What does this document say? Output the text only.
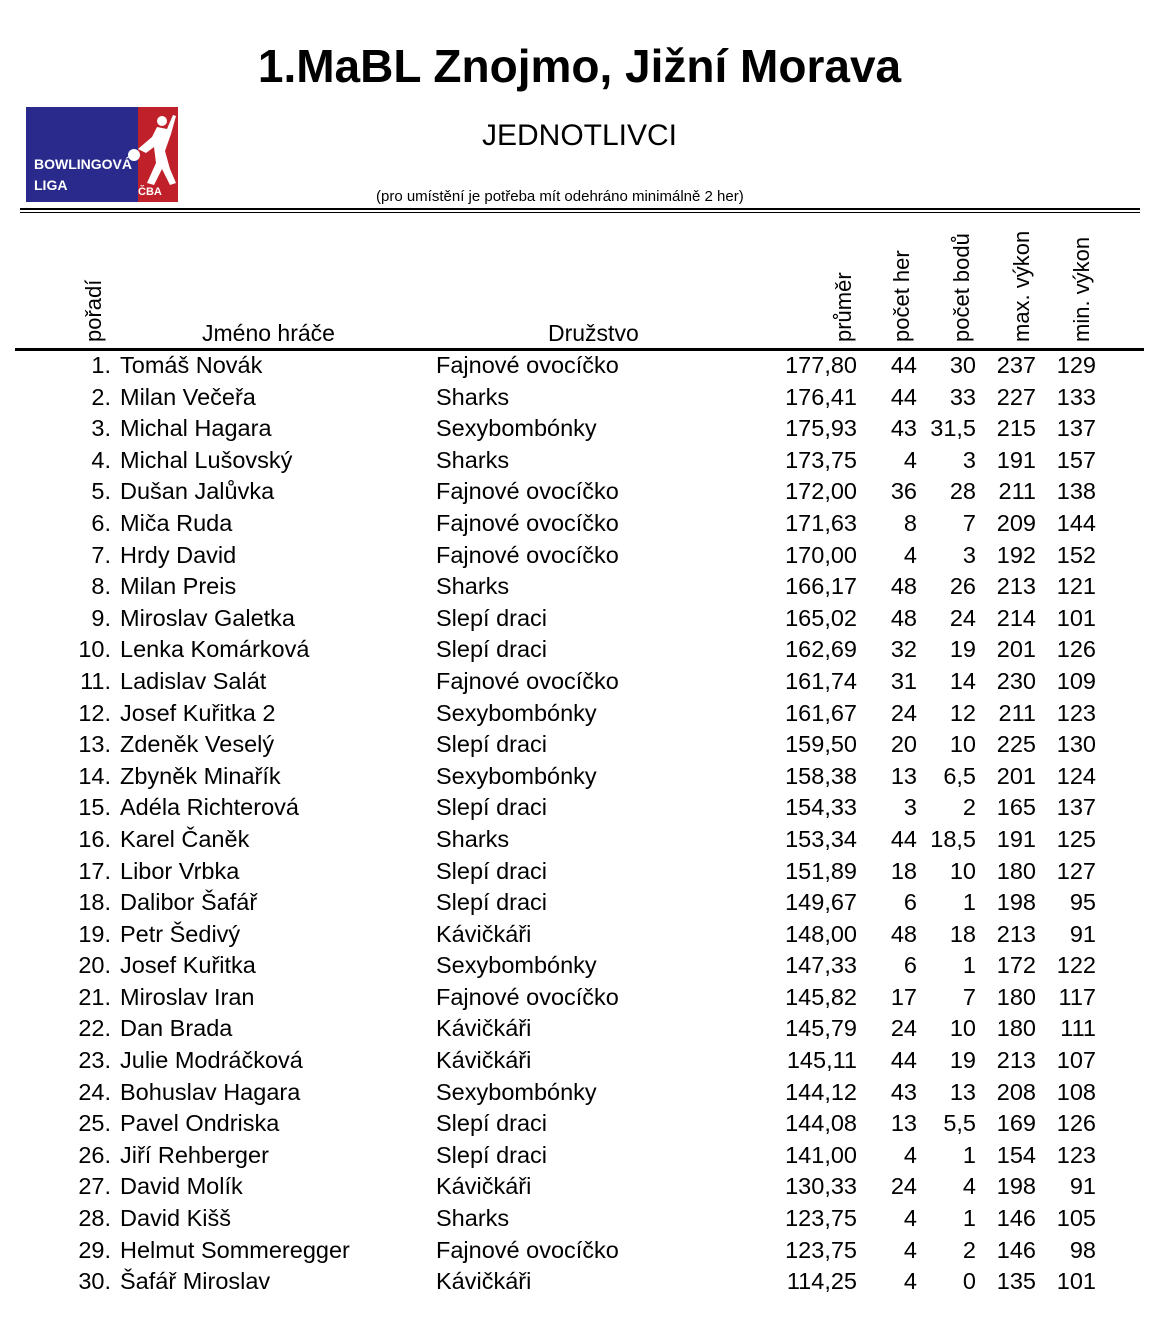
1.MaBL Znojmo, Jižní Morava
BOWLINGOVÁ
LIGA	ČBA
JEDNOTLIVCI
(pro umístění je potřeba mít odehráno minimálně 2 her)
pořadí	Jméno hráče	Družstvo	průměr počet her počet bodů max. výkon min. výkon
1. Tomáš Novák	Fajnové ovocíčko	177,80	44	30 237 129
2. Milan Večeřa	Sharks	176,41	44	33 227 133
3. Michal Hagara	Sexybombónky	175,93	43 31,5 215 137
4. Michal Lušovský	Sharks	173,75	4	3 191 157
5. Dušan Jalůvka	Fajnové ovocíčko	172,00	36	28 211 138
6. Miča Ruda	Fajnové ovocíčko	171,63	8	7 209 144
7. Hrdy David	Fajnové ovocíčko	170,00	4	3 192 152
8. Milan Preis	Sharks	166,17	48	26 213 121
9. Miroslav Galetka	Slepí draci	165,02	48	24 214 101
10. Lenka Komárková	Slepí draci	162,69	32	19 201 126
11. Ladislav Salát	Fajnové ovocíčko	161,74	31	14 230 109
12. Josef Kuřitka 2	Sexybombónky	161,67	24	12 211 123
13. Zdeněk Veselý	Slepí draci	159,50	20	10 225 130
14. Zbyněk Minařík	Sexybombónky	158,38	13	6,5 201 124
15. Adéla Richterová	Slepí draci	154,33	3	2 165 137
16. Karel Čaněk	Sharks	153,34	44 18,5 191 125
17. Libor Vrbka	Slepí draci	151,89	18	10 180 127
18. Dalibor Šafář	Slepí draci	149,67	6	1 198	95
19. Petr Šedivý	Kávičkáři	148,00	48	18 213	91
20. Josef Kuřitka	Sexybombónky	147,33	6	1 172 122
21. Miroslav Iran	Fajnové ovocíčko	145,82	17	7 180 117
22. Dan Brada	Kávičkáři	145,79	24	10 180	111
23. Julie Modráčková	Kávičkáři	145,11	44	19 213 107
24. Bohuslav Hagara	Sexybombónky	144,12	43	13 208 108
25. Pavel Ondriska	Slepí draci	144,08	13	5,5 169 126
26. Jiří Rehberger	Slepí draci	141,00	4	1 154 123
27. David Molík	Kávičkáři	130,33	24	4 198	91
28. David Kišš	Sharks	123,75	4	1 146 105
29. Helmut Sommeregger	Fajnové ovocíčko	123,75	4	2 146	98
30. Šafář Miroslav	Kávičkáři	114,25	4	0 135 101
